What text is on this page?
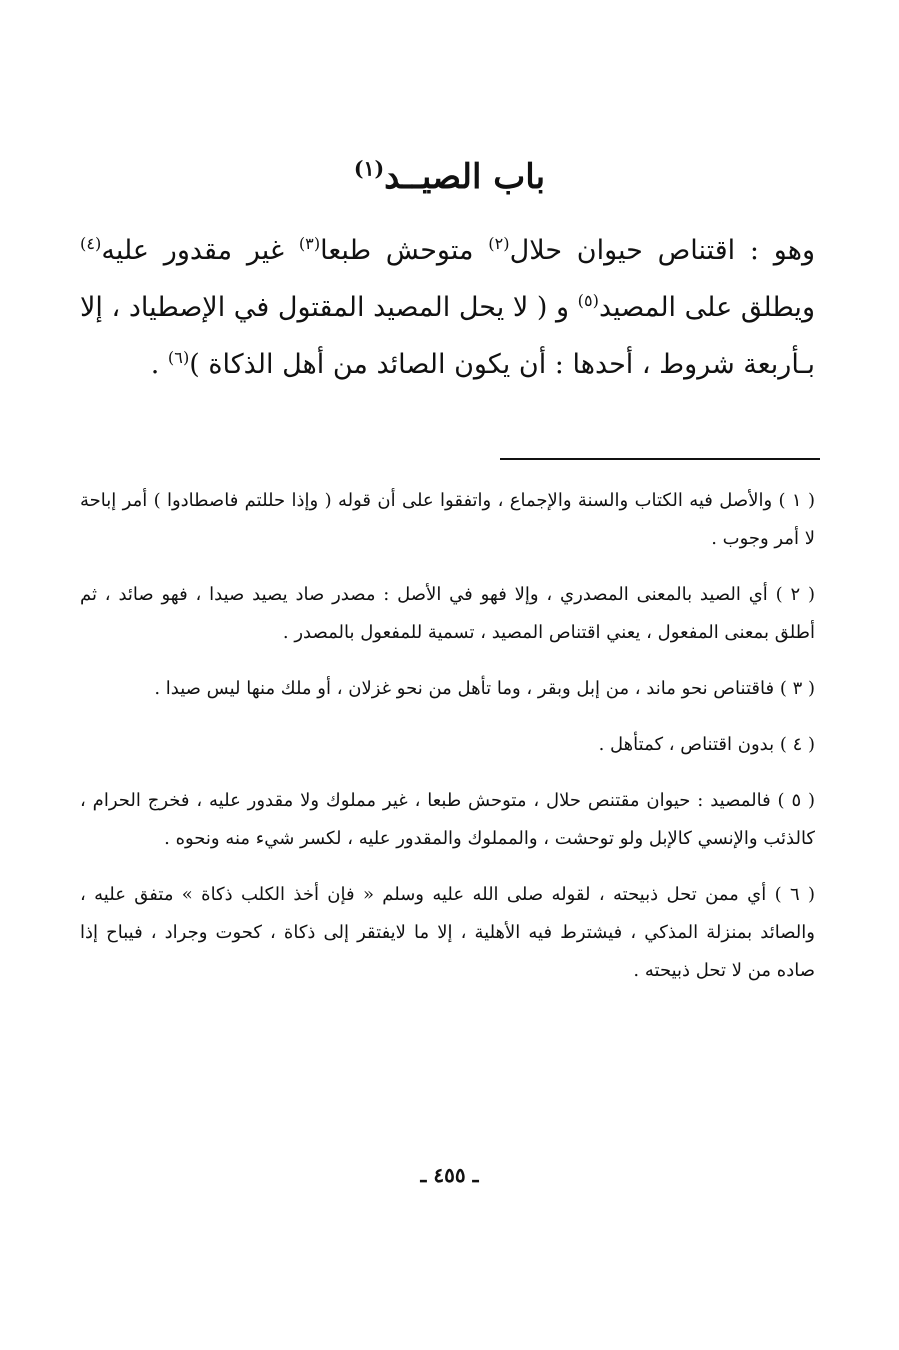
باب الصيــد$^{(١)}$

وهو : اقتناص حيوان حلال$^{(٢)}$ متوحش طبعا$^{(٣)}$ غير مقدور عليه$^{(٤)}$ ويطلق على المصيد$^{(٥)}$ و ( لا يحل المصيد المقتول في الإصطياد ، إلا بـأربعة شروط ، أحدها : أن يكون الصائد من أهل الذكاة )$^{(٦)}$ .

( ١ ) والأصل فيه الكتاب والسنة والإجماع ، واتفقوا على أن قوله ( وإذا حللتم فاصطادوا ) أمر إباحة لا أمر وجوب .

( ٢ ) أي الصيد بالمعنى المصدري ، وإلا فهو في الأصل : مصدر صاد يصيد صيدا ، فهو صائد ، ثم أطلق بمعنى المفعول ، يعني اقتناص المصيد ، تسمية للمفعول بالمصدر .

( ٣ ) فاقتناص نحو ماند ، من إبل وبقر ، وما تأهل من نحو غزلان ، أو ملك منها ليس صيدا .

( ٤ ) بدون اقتناص ، كمتأهل .

( ٥ ) فالمصيد : حيوان مقتنص حلال ، متوحش طبعا ، غير مملوك ولا مقدور عليه ، فخرج الحرام ، كالذئب والإنسي كالإبل ولو توحشت ، والمملوك والمقدور عليه ، لكسر شيء منه ونحوه .

( ٦ ) أي ممن تحل ذبيحته ، لقوله صلى الله عليه وسلم « فإن أخذ الكلب ذكاة » متفق عليه ، والصائد بمنزلة المذكي ، فيشترط فيه الأهلية ، إلا ما لايفتقر إلى ذكاة ، كحوت وجراد ، فيباح إذا صاده من لا تحل ذبيحته .

ـ ٤٥٥ ـ
